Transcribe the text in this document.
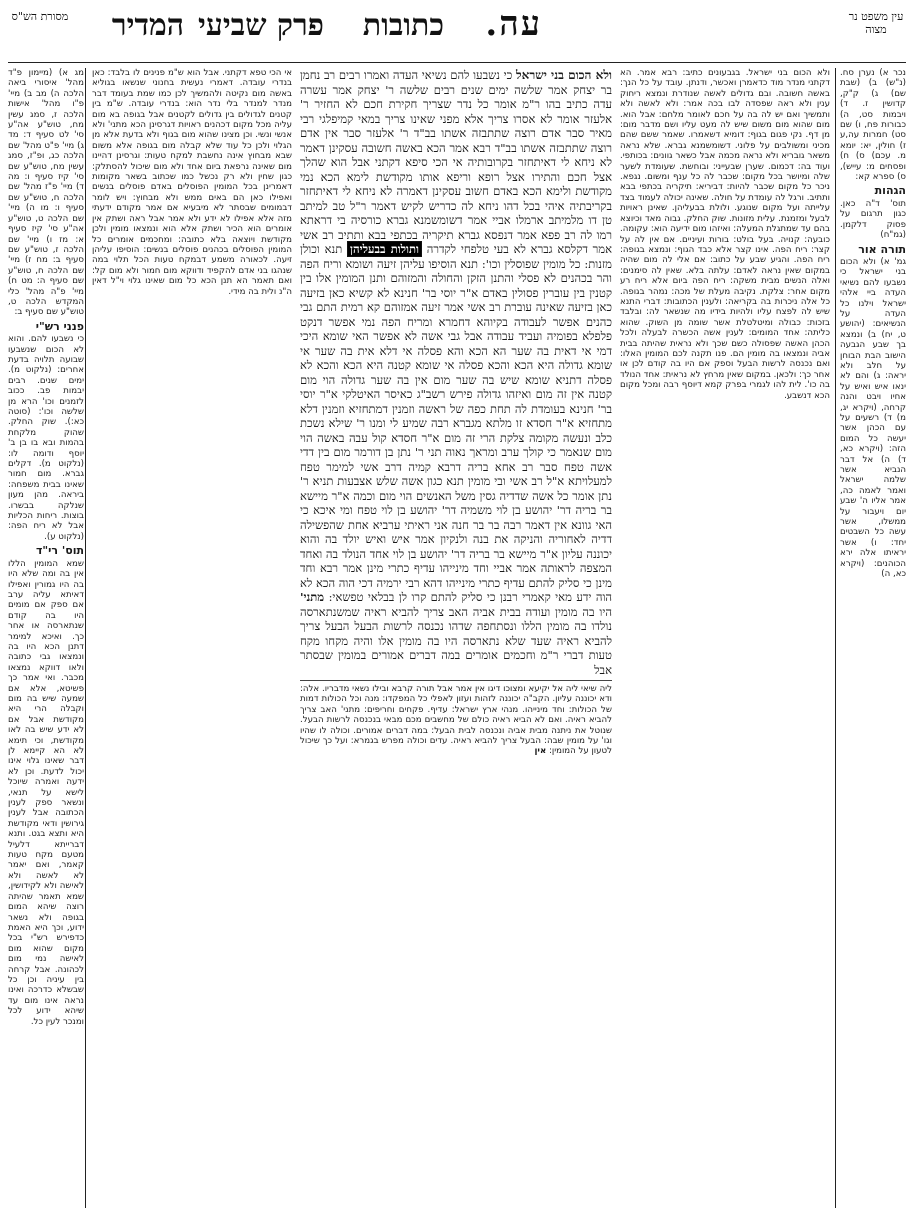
מסורת הש"ס המדיר פרק שביעי כתובות עה.	עין משפט נר מצוה

נכר א) נערן סח. (נ"ש) ב) (שבת שם) ג) ק"ק, קדושין ז. ד) ויבמות סט, ה) כבורות פח, ו) שם סט) חמרות עה,ע ז) חולין, יא: יומא מ. עכם) ס) ח) ופסחים מ: עייש), ס) ספרא קא:

הגהות

תוס' ד"ה כאן. כגון תרגום על פסוק דלקמן. (גמ"ח)

תורה אור

גמ' א) ולא הכום בני ישראל כי נשבעו להם נשיאי העדה ביי אלהי ישראל וילנו כל העדה על הנשיאים: (יהושע ט, יח) ב) ונמצא בך שבע הגבעה הישוב הבת הבוחן על חלב ולא יראה: ג) והם לא ינאו איש ואיש על אחיו ויבט והנה קרחה, (ויקרא יג, מ) ד) רשעים על עם הכהן אשר יעשה כל המום הזה: (ויקרא כא, ד) ה) אל דבר הנביא אשר שלמה ישראל ואמר לאמה כה, אמר אליו ה' שבע יום ויעבור על ממשלו, אשר עשה כל השבטים יחד: ו) אשר יראיתו אלה ירא הכוהנים: (ויקרא כא, ה)

ולא הכום בני ישראל. בגבעונים כתיב: רבא אמר. הא דקתני מנדר מוד כדאמרן ואכשר, ודנתן. עובד על כל הנך: באשה חשובה. ובם גדולים לאשה שנודרת ונמצא ריחוק ענין ולא ראה שפסדה לבו בכה אמר: ולא לאשה ולא ותמשיך ואם יש לה בה על חכם לאומר מלחם: אבל הוא. מום שהוא מום משום שיש לה מעט עליו ושם מדבר מום: מן דף. נקי פגום בגוף: דומיא דשאמרו. שאמר ששם שהם מכיני ומשולבים על פלוני. דשומשמנא גברא. שלא נראה משאר גובריא ולא נראה מכמה אבל כשאר גוונים: בכותפי. ועוד בה: דכמום. שערן שבעייני: ובוחשת. שעומדת לשער שלה ומיושר בכל מקום: שכבר לה כל ענף ומשום. נגפא. ניכר כל מקום שכבר להיות: דביריא: תיקריה בכתפי בבא ותתיב. ורגל לה עומדת על חולה. שאינה יכולה לעמוד בצד עלייתה ועל מקום שנוגע. ולולת בבעליהן. שאינן ראויות לבעל ומזמנת. עלית מזונות. שוק החלק. גבוה מאד וכיוצא בהם עד שמתגלת המעלה: ואיזהו מום ידיעה הוא: עקומה. כובעה: קנויה. בעל בולט: בורות ועיניים. אם אין לה על קצר: ריח הפה. אינו קצר אלא כבד הגוף: ונמצא בגופה: ריח הפה. והגיע שבע על כתוב: אם אלי לה מום שהיה במקום שאין נראה לאדם: עלתה בלא. שאין לה סימנים: ואלה הנשים מבית משקה: ריח הפה ביום אלא ריח רע מקום אחר: צלקת. נקיבה מעלת של מכה: נמהר בגופה. כל אלה ניכרות בה בקריאה: ולענין הכתובות: דברי התנא שיש לה לפצח עליו ולהיות בידיו מה שנשאר לה: ובלבד בזכות: כבולה ומיטלטלת אשר שומה מן השוק. שהוא כליתה: אחד המומים: לענין אשה הכשרה לבעלה ולכל הכהן האשה שפסולה כשם שכך ולא נראית שהיתה בבית אביה ונמצאו בה מומין הם. פנו תקנה לכם המומין האלו: ואם נכנסה לרשות הבעל וספק אם היו בה קודם לכן או אחר כך: ולכאן. במקום שאין מרחץ לא נראית: אחד הנולד בה כו'. לית להו לגמרי בפרק קמא דיוסף רבה ומכל מקום הכא דנשבע.

ולא הכום בני ישראל כי נשבעו להם נשיאי העדה ואמרו רבים רב נחמן בר יצחק אמר שלשה ימים שנים רבים שלשה ר' יצחק אמר עשרה עדה כתיב בהו ר"מ אומר כל נדר שצריך חקירת חכם לא החזיר ר' אלעזר אומר לא אסרו צריך אלא מפני שאינו צריך במאי קמיפלגי רבי מאיר סבר אדם רוצה שתתבזה אשתו בב"ד ר' אלעזר סבר אין אדם רוצה שתתבזה אשתו בב"ד רבא אמר הכא באשה חשובה עסקינן דאמר לא ניחא לי דאיתחזר בקרובותיה אי הכי סיפא דקתני אבל הוא שהלך אצל חכם והתירו אצל רופא וריפא אותו מקודשת לימא הכא נמי מקודשת ולימא הכא באדם חשוב עסקינן דאמרה לא ניחא לי דאיתחזר בקריבתיה איהי בכל דהו ניחא לה כדריש לקיש דאמר ר"ל טב למיתב טן דו מלמיתב ארמלו אביי אמר דשומשמנא גברא כורסיה בי דראתא רמו לה רב פפא אמר דנפסא גברא תיקריה בכתפי בבא ותתיב רב אשי אמר דקלסא גברא לא בעי טלפחי לקדרה ותולות בבעליהן תנא וכולן מזנות: כל מומין שפוסלין וכו': תנא הוסיפו עליהן זיעה ושומא וריח הפה והר בכהנים לא פסלי והתנן הזקן והחולה והמזוהם ותנן המומין אלו בין קטנין בין עוברין פסולין באדם א"ר יוסי בר' חנינא לא קשיא כאן בזיעה כאן בזיעה שאינה עוברת רב אשי אמר זיעה אמזוהם קא רמית התם גבי כהנים אפשר לעבודה בקיוהא דחמרא ומריח הפה נמי אפשר דנקט פלפלא בפומיה ועביד עבודה אבל גבי אשה לא אפשר האי שומא היכי דמי אי דאית בה שער הא הכא והא פסלה אי דלא אית בה שער אי שומא גדולה היא הכא והכא פסלה אי שומא קטנה היא הכא והכא לא פסלה דתניא שומא שיש בה שער מום אין בה שער גדולה הוי מום קטנה אין זה מום ואיזהו גדולה פירש רשב"ג כאיסר האיטלקי א"ר יוסי בר' חנינא בעומדת לה תחת כפה של ראשה וזמנין דמתחזיא וזמנין דלא מתחזיא א"ר חסדא זו מלתא מגברא רבה שמיע לי ומנו ר' שילא נשכת כלב ונעשה מקומה צלקת הרי זה מום א"ר חסדא קול עבה באשה הוי מום שנאמר כי קולך ערב ומראך נאוה תני ר' נתן בן דורמר מום בין דדי אשה טפח סבר רב אחא בריה דרבא קמיה דרב אשי למימר טפח למעלויתא א"ל רב אשי ובי מומין תנא כגון אשה שלש אצבעות תניא ר' נתן אומר כל אשה שדדיה גסין משל האנשים הוי מום וכמה א"ר מיישא בר בריה דר' יהושע בן לוי משמיה דר' יהושע בן לוי טפח ומי איכא כי האי גוונא אין דאמר רבה בר בר חנה אני ראיתי ערביא אחת שהפשילה דדיה לאחוריה והניקה את בנה ולנקיון אמר איש ואיש יולד בה והוא יכוננה עליון א"ר מיישא בר בריה דר' יהושע בן לוי אחד הנולד בה ואחד המצפה לראותה אמר אביי וחד מינייהו עדיף כתרי מינן אמר רבא וחד מינן כי סליק להתם עדיף כתרי מינייהו דהא רבי ירמיה דכי הוה הכא לא הוה ידע מאי קאמרי רבנן כי סליק להתם קרו לן בבלאי טפשאי: מתני' היו בה מומין ועודה בבית אביה האב צריך להביא ראיה שמשנתארסה נולדו בה מומין הללו ונסתחפה שדהו נכנסה לרשות הבעל הבעל צריך להביא ראיה שעד שלא נתארסה היו בה מומין אלו והיה מקחו מקח טעות דברי ר"מ וחכמים אומרים במה דברים אמורים במומין שבסתר אבל

ליה שיאי ליה אל יקיעא ומצוכו דיגו אין אמר אבל תורה קרבא ובילו נשאי מדבריו. אלה: ודא יכוננה עליון. הקב"ה יכוננה לזהות ועזון לאפלי כל המפקדו: מנה וכל הכולות דמות של הכולות: וחד מינייהו. מנהי ארץ ישראל: עדיף. פקחים וחריפים: מתני' האב צריך להביא ראיה. ואם לא הביא ראיה כולם של מחשבים מכם מבאי בנכנסה לרשות הבעל. שנוטל את ניתנה מבית אביה ונכנסה לבית הבעל: במה דברים אמורים. וכולה לו שהיו וגו' על מומין שבה: הבעל צריך להביא ראיה. עדים וכולה מפרש בגמרא: ועל כך שיכול לטעון על המומין: אין

אי הכי טפא דקתני. אבל הוא ש"מ פנינים לו בלבד: כאן בנדרי עובדה. דאמרי נעשית בחנוני שנשאו בגוליא באשה מום נקיטה ולהמשיך לכן כמו שמת בעומד דבר מנדר למנדר בלי נדר הוא: בנדרי עובדה. ש"מ בין קטנים לגדולים בין גדולים לקטנים אבל בגופה בא מום עליה מכל מקום דכהנים ראויות דגרסינן הכא מתני' ולא אנשי ונשי. וכן מצינו שהוא מום בגוף ולא בדעת אלא מן הגלוי ולכן כל עוד שלא קבלה מום בגופה אלא משום שבא מבחוץ אינה נחשבת למקח טעות: וגרסינן דהיינו מום שאינה נרפאת ביום אחד ולא מום שיכול להסתלק: כגון שחין ולא רק נכשל כמו שכתוב בשאר מקומות דאמרינן בכל המומין הפוסלים באדם פוסלים בנשים ואפילו כאן הם באים ממש ולא מבחוץ: ויש לומר דבמומים שבסתר לא מיבעיא אם אמר מקודם ידעתי מזה אלא אפילו לא ידע ולא אמר אבל ראה ושתק אין אומרים הוא הכיר ושתק אלא הוא ונמצאו מומין ולכן מקודשת ויוצאה בלא כתובה: ומחכמים אומרים כל המומין הפוסלים בכהנים פוסלים בנשים: הוסיפו עליהן זיעה. לכאורה משמע דבמקח טעות הכל תלוי במה שנהגו בני אדם להקפיד ודווקא מום חמור ולא מום קל: ואם תאמר הא תנן הכא כל מום שאינו גלוי וי"ל דאין ה"נ ולית בה מידי.

מג א) (מיימון פ"ד מהל' איסורי ביאה הלכה ה) מב ב) מיי' פ"ו מהל' אישות הלכה ז, סמג עשין מח, טוש"ע אה"ע סי' לט סעיף ד: מד ג) מיי' פ"ט מהל' שם הלכה כג, ופ"ז, סמג עשין מח, טוש"ע שם סי' קיז סעיף ו: מה ד) מיי' פ"ז מהל' שם הלכה ח, טוש"ע שם סעיף ו: מו ה) מיי' שם הלכה ט, טוש"ע אה"ע סי' קיז סעיף א: מז ו) מיי' שם הלכה ז, טוש"ע שם סעיף ב: מח ז) מיי' שם הלכה ח, טוש"ע שם סעיף ה: מט ח) מיי' פ"ה מהל' כלי המקדש הלכה ט, טוש"ע שם סעיף ב:

פנני רש"י

כי נשבעו להם. והוא לא הכום שנשבעו שבועה תלויה בדעת אחרים: (נלקוט מ). ימים שנים. רבים יבמות פב. ככוב לזמנים וכו' הרא מן שלשה וכו': (סוטה כא:). שוק החלק. שהוק מלקחת בהמות ובא בו בן ב' יוסף ודומה לו: (נלקוט מ). דקלים גברא. מום חמור שאינו בבית משפחה: ביראה. מהן מעון שנלקה בבשרו. בוצות. ריחות הכליות אבל לא ריח הפה: (נלקוט ע).

תוס' רי"ד

שמא המומין הללו אין בה ומה שלא היו בה היו גמורין ואפילו דאיתא עליה ערב אם ספק אם מומים היו בה קודם שנתארסה או אחר כך. ואיכא למימר דתנן הכא היו בה ונמצאו גבי כתובה ולאו דווקא נמצאו מכבר. ואי אמר כך פשיטא, אלא אם שמעה שיש בה מום וקבלה הרי היא מקודשת אבל אם לא ידע שיש בה לאו מקודשת, וכי תימא לא הא קיימא לן דבר שאינו גלוי אינו יכול לדעת. וכן לא ידעה ואמרה שיוכל לישא על תנאי, ונשאר ספק לענין הכתובה אבל לענין גירושין ודאי מקודשת היא ותצא בגט. ותנא דברייתא דלעיל מטעם מקח טעות קאמר, ואם יאמר לא לאשה ולא לאישה ולא לקידושין, שמא תאמר שהיתה רוצה שיהא המום בגופה ולא נשאר ידוע, וכך היא האמת כדפירש רש"י בכל מקום שהוא מום לאישה נמי מום לכהונה. אבל קרחה בין עיניה וכן כל שבשלא כדרכה ואינו נראה אינו מום עד שיהא ידוע לכל ומנכר לעין כל.
